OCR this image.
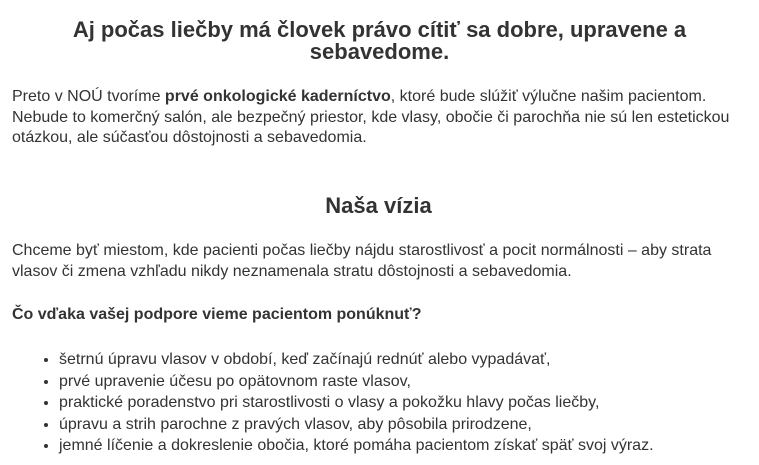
Aj počas liečby má človek právo cítiť sa dobre, upravene a sebavedome.

Preto v NOÚ tvoríme prvé onkologické kaderníctvo, ktoré bude slúžiť výlučne našim pacientom. Nebude to komerčný salón, ale bezpečný priestor, kde vlasy, obočie či parochňa nie sú len estetickou otázkou, ale súčasťou dôstojnosti a sebavedomia.

Naša vízia

Chceme byť miestom, kde pacienti počas liečby nájdu starostlivosť a pocit normálnosti – aby strata vlasov či zmena vzhľadu nikdy neznamenala stratu dôstojnosti a sebavedomia.

Čo vďaka vašej podpore vieme pacientom ponúknuť?

• šetrnú úpravu vlasov v období, keď začínajú rednúť alebo vypadávať,
• prvé upravenie účesu po opätovnom raste vlasov,
• praktické poradenstvo pri starostlivosti o vlasy a pokožku hlavy počas liečby,
• úpravu a strih parochne z pravých vlasov, aby pôsobila prirodzene,
• jemné líčenie a dokreslenie obočia, ktoré pomáha pacientom získať späť svoj výraz.
